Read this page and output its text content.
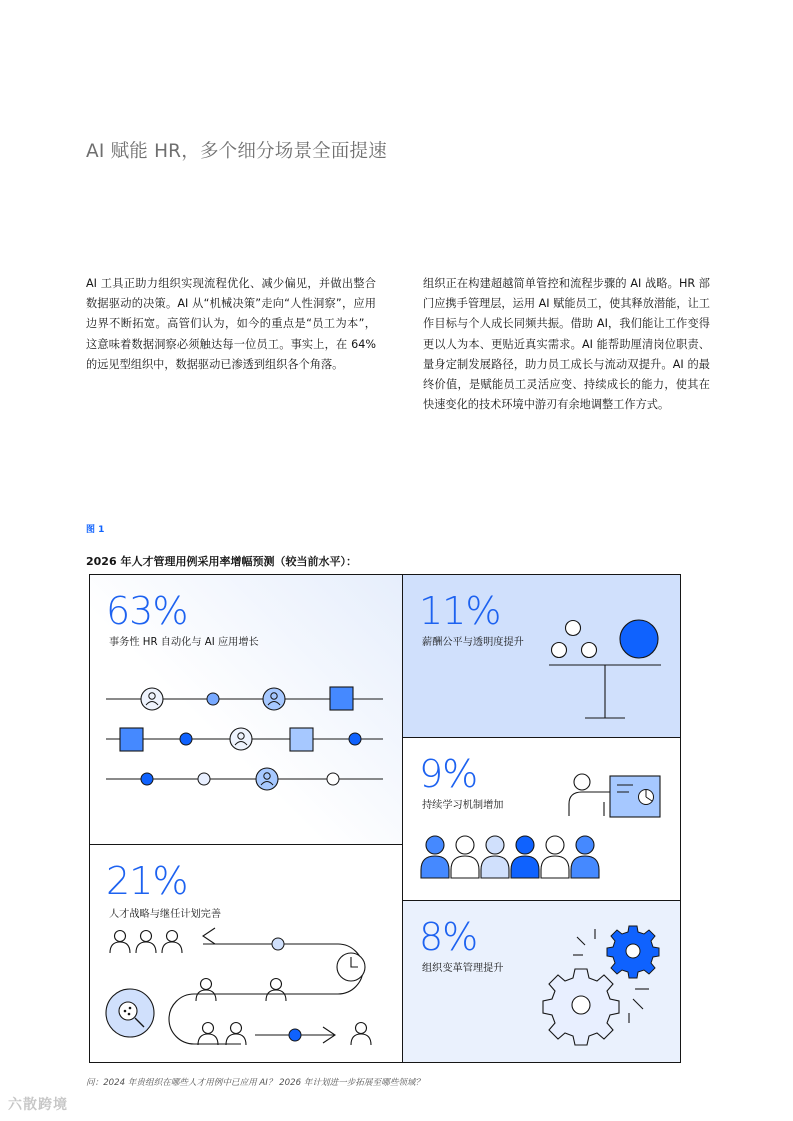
AI 赋能 HR，多个细分场景全面提速

AI 工具正助力组织实现流程优化、减少偏见，并做出整合数据驱动的决策。AI 从“机械决策”走向“人性洞察”，应用边界不断拓宽。高管们认为，如今的重点是“员工为本”，这意味着数据洞察必须触达每一位员工。事实上，在 64% 的远见型组织中，数据驱动已渗透到组织各个角落。

组织正在构建超越简单管控和流程步骤的 AI 战略。HR 部门应携手管理层，运用 AI 赋能员工，使其释放潜能，让工作目标与个人成长同频共振。借助 AI，我们能让工作变得更以人为本、更贴近真实需求。AI 能帮助厘清岗位职责、量身定制发展路径，助力员工成长与流动双提升。AI 的最终价值，是赋能员工灵活应变、持续成长的能力，使其在快速变化的技术环境中游刃有余地调整工作方式。

图 1
2026 年人才管理用例采用率增幅预测（较当前水平）：
63%
事务性 HR 自动化与 AI 应用增长
11%
薪酬公平与透明度提升
9%
持续学习机制增加
21%
人才战略与继任计划完善
8%
组织变革管理提升
问：2024 年贵组织在哪些人才用例中已应用 AI？ 2026 年计划进一步拓展至哪些领域？
六散跨境
